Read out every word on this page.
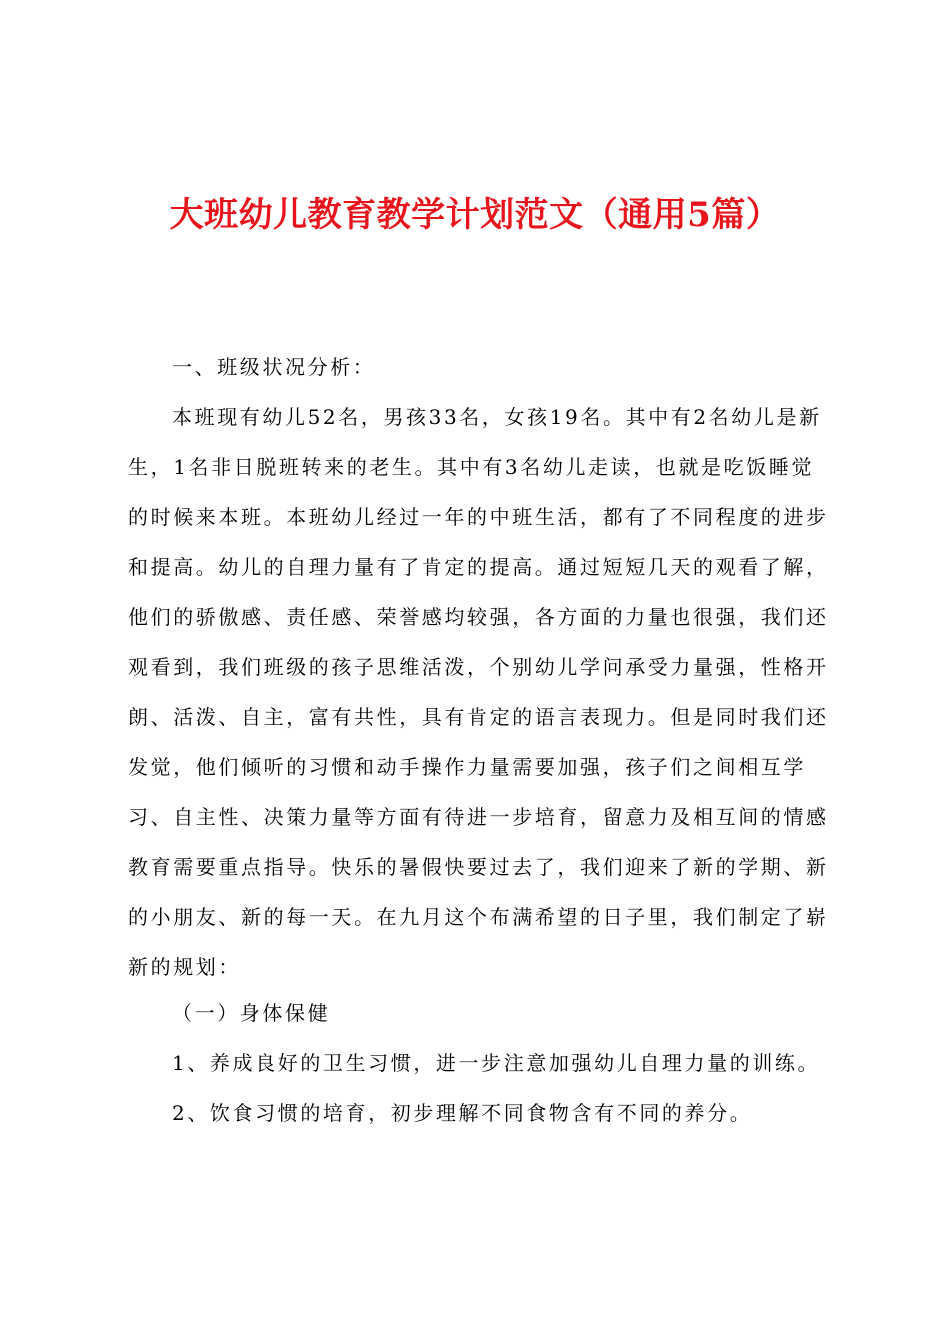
大班幼儿教育教学计划范文（通用5篇）
一、班级状况分析：
本班现有幼儿52名，男孩33名，女孩19名。其中有2名幼儿是新
生，1名非日脱班转来的老生。其中有3名幼儿走读，也就是吃饭睡觉
的时候来本班。本班幼儿经过一年的中班生活，都有了不同程度的进步
和提高。幼儿的自理力量有了肯定的提高。通过短短几天的观看了解，
他们的骄傲感、责任感、荣誉感均较强，各方面的力量也很强，我们还
观看到，我们班级的孩子思维活泼，个别幼儿学问承受力量强，性格开
朗、活泼、自主，富有共性，具有肯定的语言表现力。但是同时我们还
发觉，他们倾听的习惯和动手操作力量需要加强，孩子们之间相互学
习、自主性、决策力量等方面有待进一步培育，留意力及相互间的情感
教育需要重点指导。快乐的暑假快要过去了，我们迎来了新的学期、新
的小朋友、新的每一天。在九月这个布满希望的日子里，我们制定了崭
新的规划：
（一）身体保健
1、养成良好的卫生习惯，进一步注意加强幼儿自理力量的训练。
2、饮食习惯的培育，初步理解不同食物含有不同的养分。
